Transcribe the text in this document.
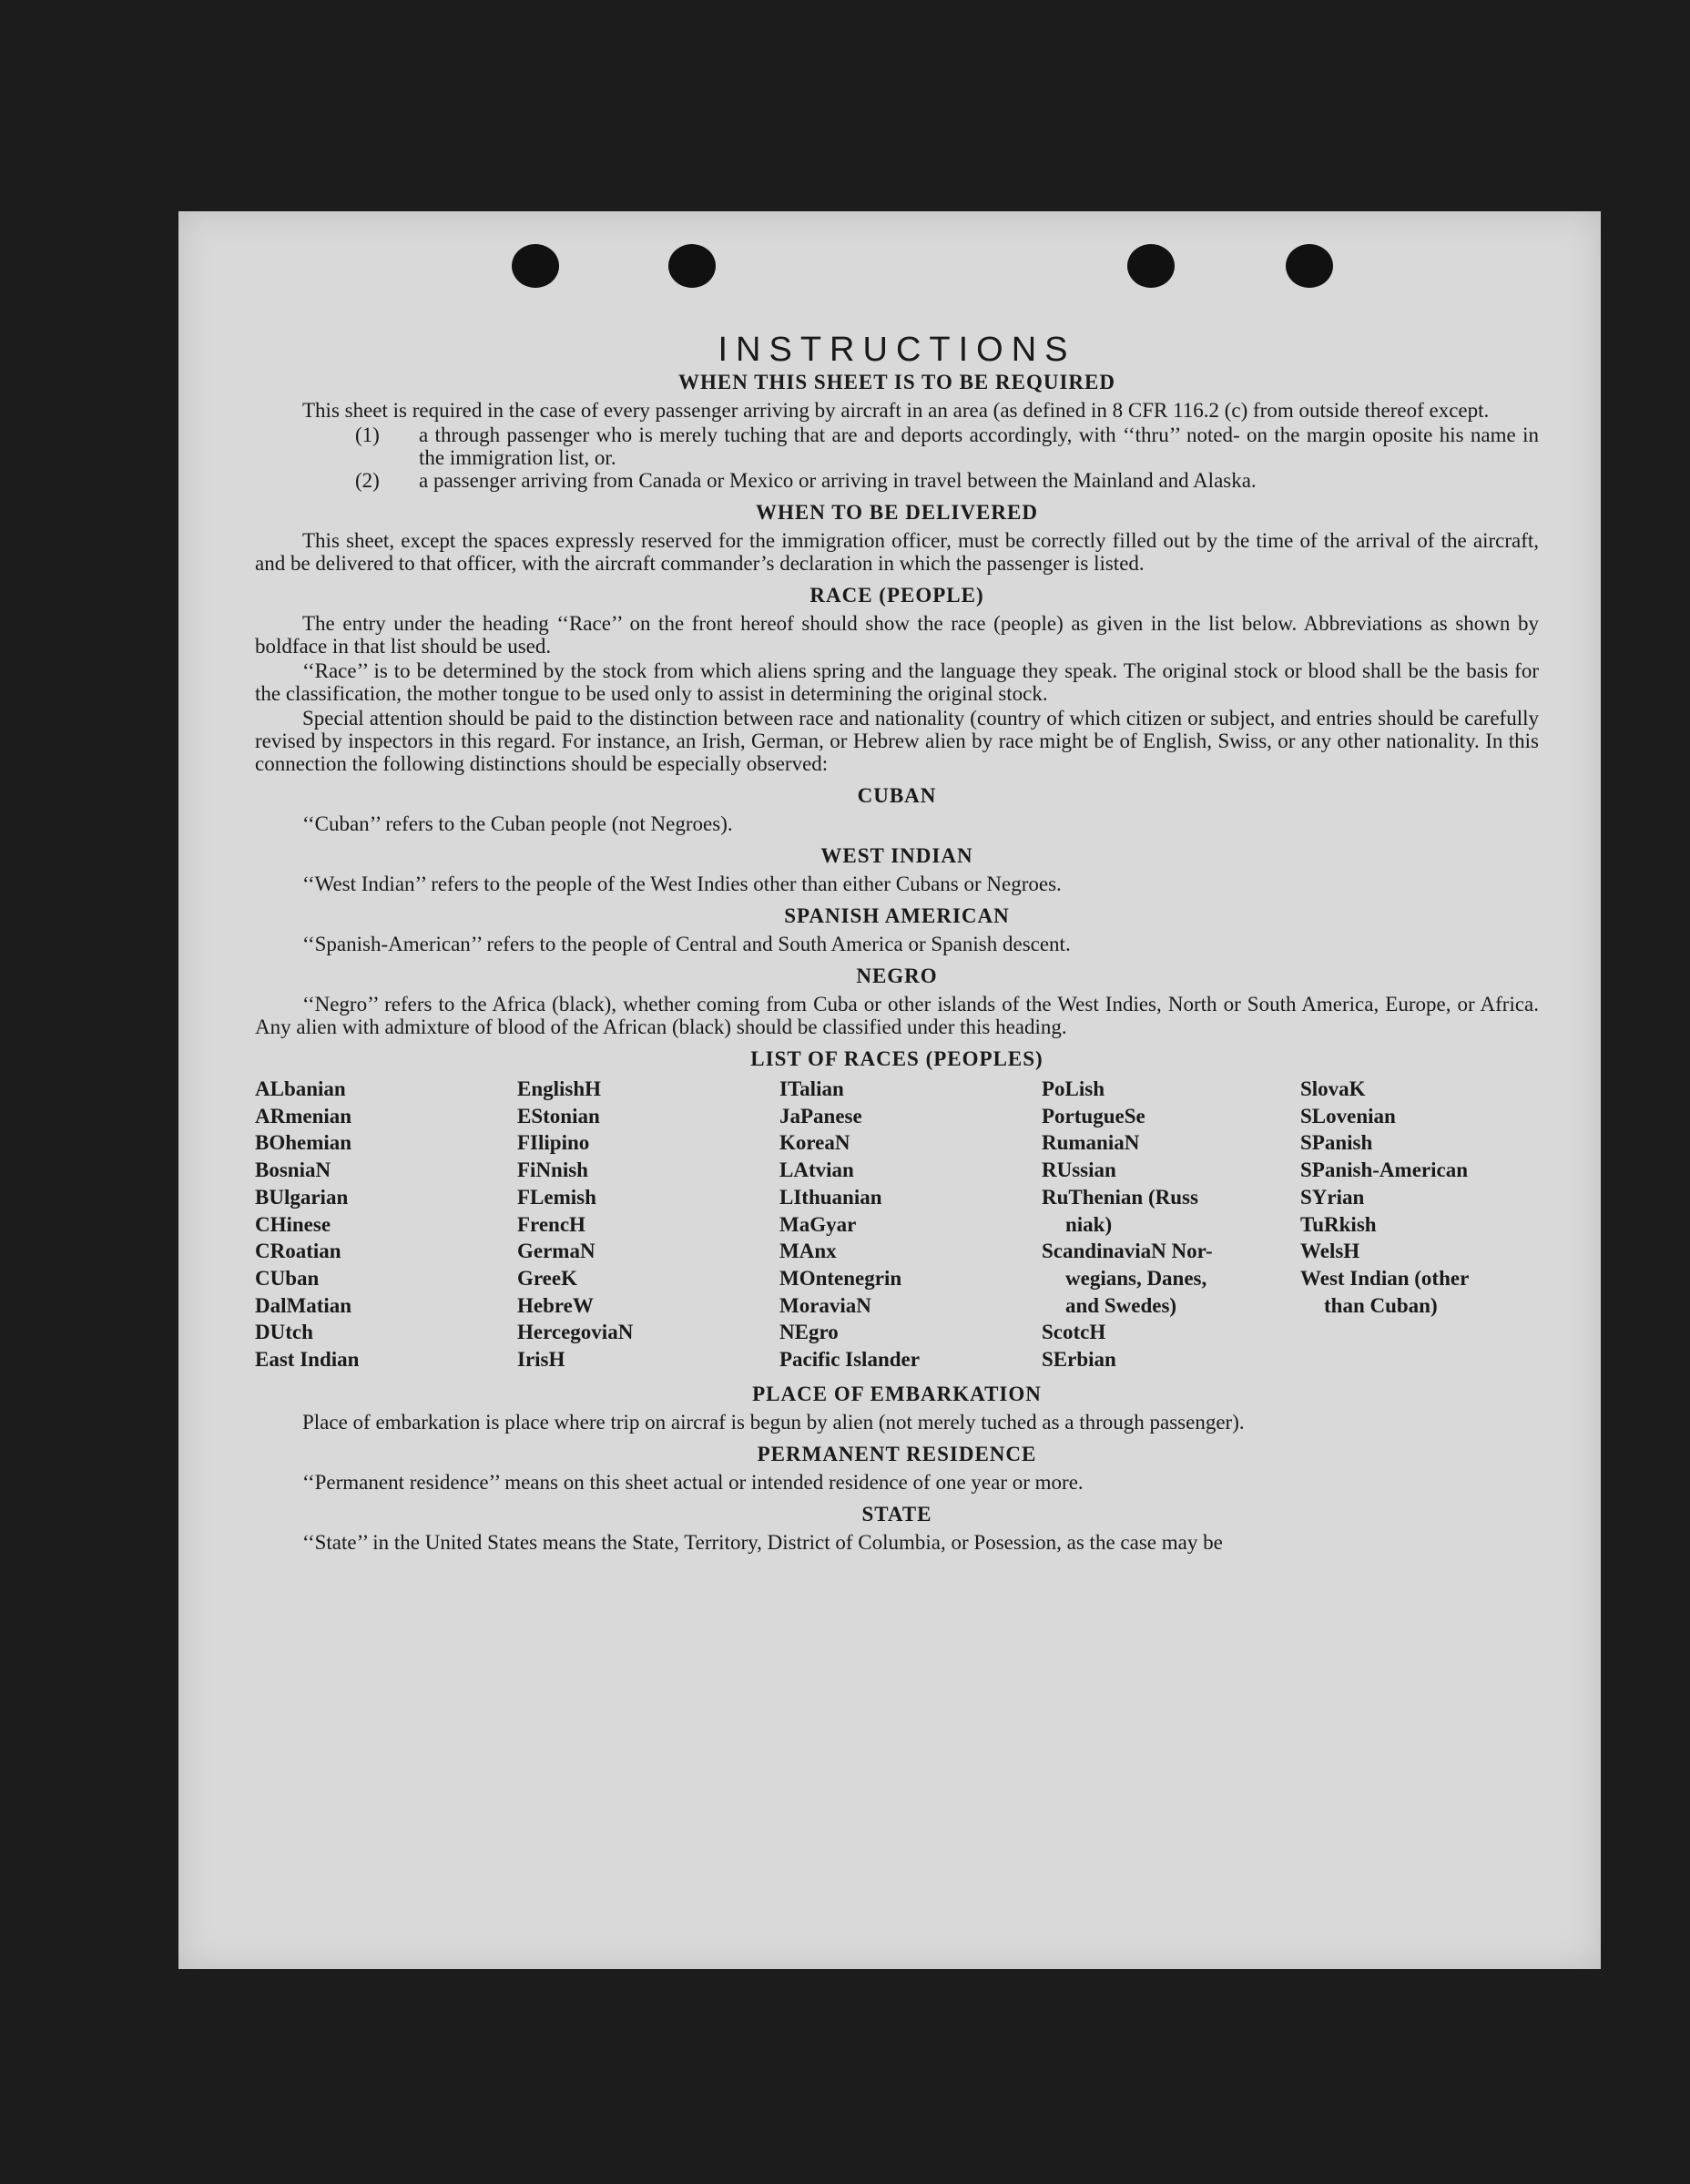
INSTRUCTIONS
WHEN THIS SHEET IS TO BE REQUIRED

This sheet is required in the case of every passenger arriving by aircraft in an area (as defined in 8 CFR 116.2 (c) from outside thereof except.

(1)	a through passenger who is merely tuching that are and deports accordingly, with ‘‘thru’’ noted- on the margin oposite his name in the immigration list, or.
(2)	a passenger arriving from Canada or Mexico or arriving in travel between the Mainland and Alaska.
WHEN TO BE DELIVERED

This sheet, except the spaces expressly reserved for the immigration officer, must be correctly filled out by the time of the arrival of the aircraft, and be delivered to that officer, with the aircraft commander’s declaration in which the passenger is listed.

RACE (PEOPLE)

The entry under the heading ‘‘Race’’ on the front hereof should show the race (people) as given in the list below. Abbreviations as shown by boldface in that list should be used.

‘‘Race’’ is to be determined by the stock from which aliens spring and the language they speak. The original stock or blood shall be the basis for the classification, the mother tongue to be used only to assist in determining the original stock.

Special attention should be paid to the distinction between race and nationality (country of which citizen or subject, and entries should be carefully revised by inspectors in this regard. For instance, an Irish, German, or Hebrew alien by race might be of English, Swiss, or any other nationality. In this connection the following distinctions should be especially observed:

CUBAN

‘‘Cuban’’ refers to the Cuban people (not Negroes).

WEST INDIAN

‘‘West Indian’’ refers to the people of the West Indies other than either Cubans or Negroes.

SPANISH AMERICAN

‘‘Spanish-American’’ refers to the people of Central and South America or Spanish descent.

NEGRO

‘‘Negro’’ refers to the Africa (black), whether coming from Cuba or other islands of the West Indies, North or South America, Europe, or Africa. Any alien with admixture of blood of the African (black) should be classified under this heading.

LIST OF RACES (PEOPLES)
ALbanian
ARmenian
BOhemian
BosniaN
BUlgarian
CHinese
CRoatian
CUban
DalMatian
DUtch
East Indian
EnglishH
EStonian
FIlipino
FiNnish
FLemish
FrencH
GermaN
GreeK
HebreW
HercegoviaN
IrisH
ITalian
JaPanese
KoreaN
LAtvian
LIthuanian
MaGyar
MAnx
MOntenegrin
MoraviaN
NEgro
Pacific Islander
PoLish
PortugueSe
RumaniaN
RUssian
RuThenian (Russ
niak)
ScandinaviaN Nor-
wegians, Danes,
and Swedes)
ScotcH
SErbian
SlovaK
SLovenian
SPanish
SPanish-American
SYrian
TuRkish
WelsH
West Indian (other
than Cuban)
PLACE OF EMBARKATION

Place of embarkation is place where trip on aircraf is begun by alien (not merely tuched as a through passenger).

PERMANENT RESIDENCE

‘‘Permanent residence’’ means on this sheet actual or intended residence of one year or more.

STATE

‘‘State’’ in the United States means the State, Territory, District of Columbia, or Posession, as the case may be
